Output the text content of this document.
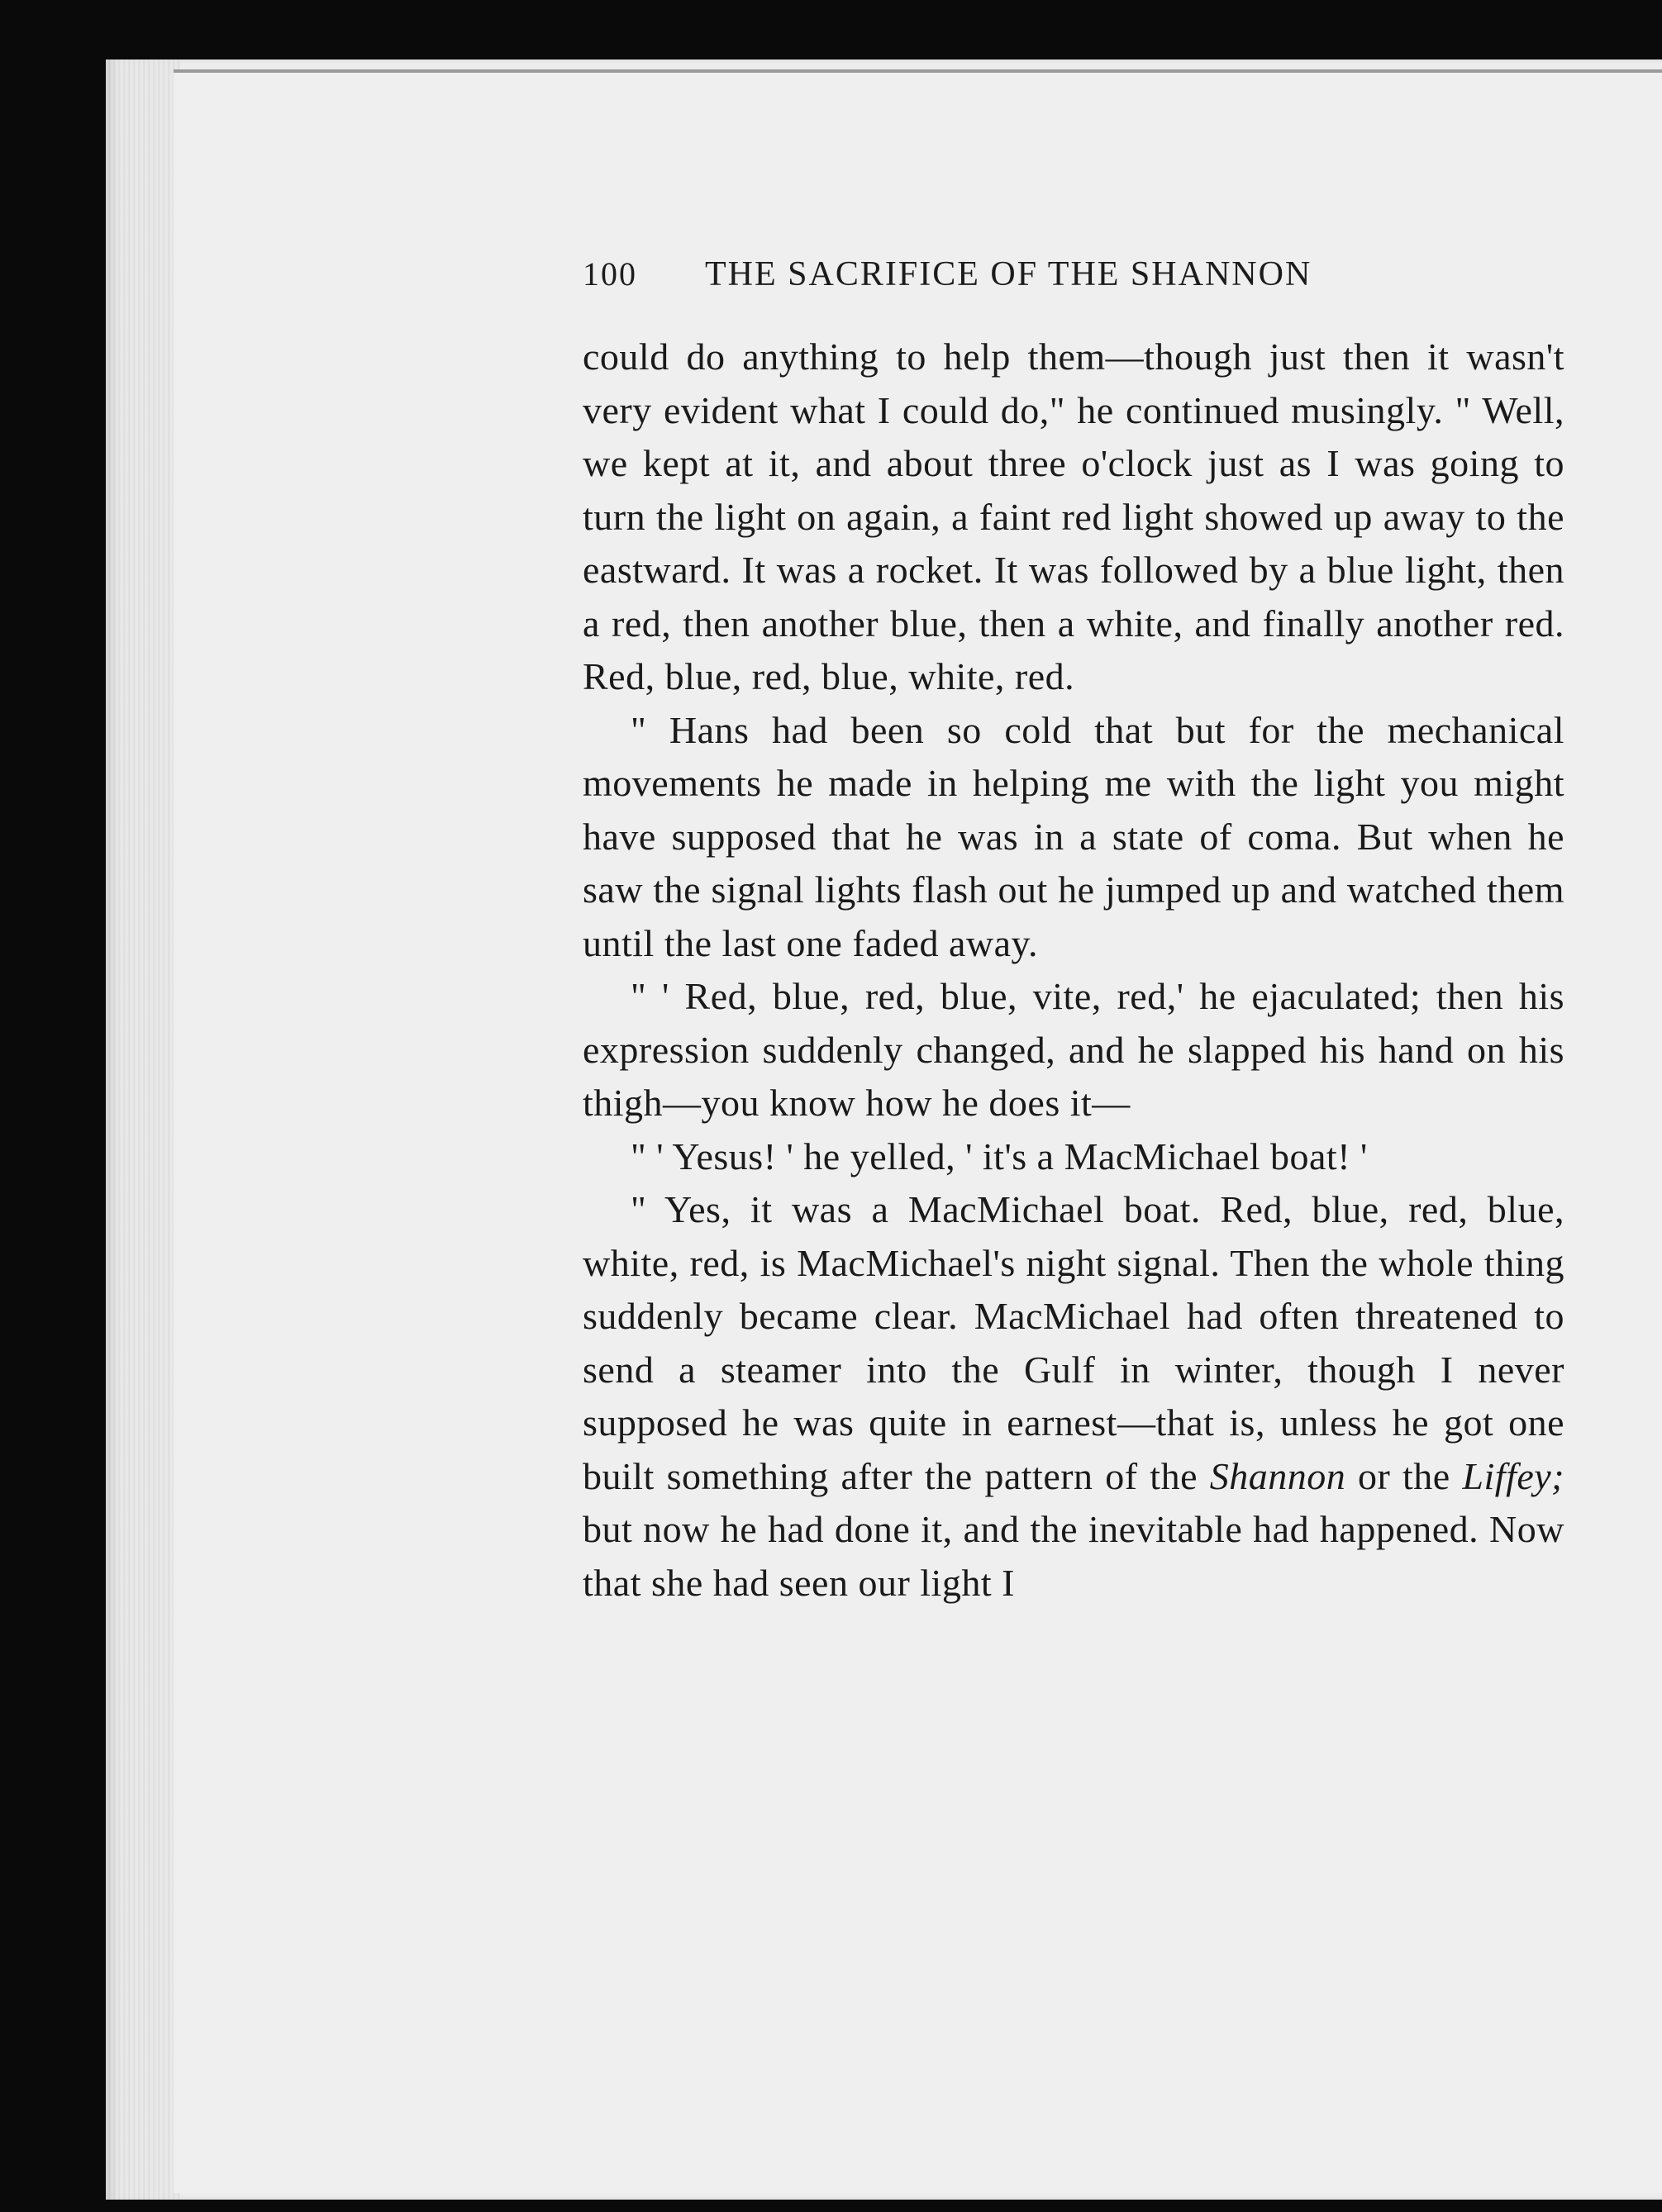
100 THE SACRIFICE OF THE SHANNON

could do anything to help them—though just then it wasn't very evident what I could do," he continued musingly. " Well, we kept at it, and about three o'clock just as I was going to turn the light on again, a faint red light showed up away to the eastward. It was a rocket. It was followed by a blue light, then a red, then another blue, then a white, and finally another red. Red, blue, red, blue, white, red.

" Hans had been so cold that but for the mechanical movements he made in helping me with the light you might have supposed that he was in a state of coma. But when he saw the signal lights flash out he jumped up and watched them until the last one faded away.

" ' Red, blue, red, blue, vite, red,' he ejaculated; then his expression suddenly changed, and he slapped his hand on his thigh—you know how he does it—

" ' Yesus! ' he yelled, ' it's a MacMichael boat! '

" Yes, it was a MacMichael boat. Red, blue, red, blue, white, red, is MacMichael's night signal. Then the whole thing suddenly became clear. MacMichael had often threatened to send a steamer into the Gulf in winter, though I never supposed he was quite in earnest—that is, unless he got one built something after the pattern of the Shannon or the Liffey; but now he had done it, and the inevitable had happened. Now that she had seen our light I
